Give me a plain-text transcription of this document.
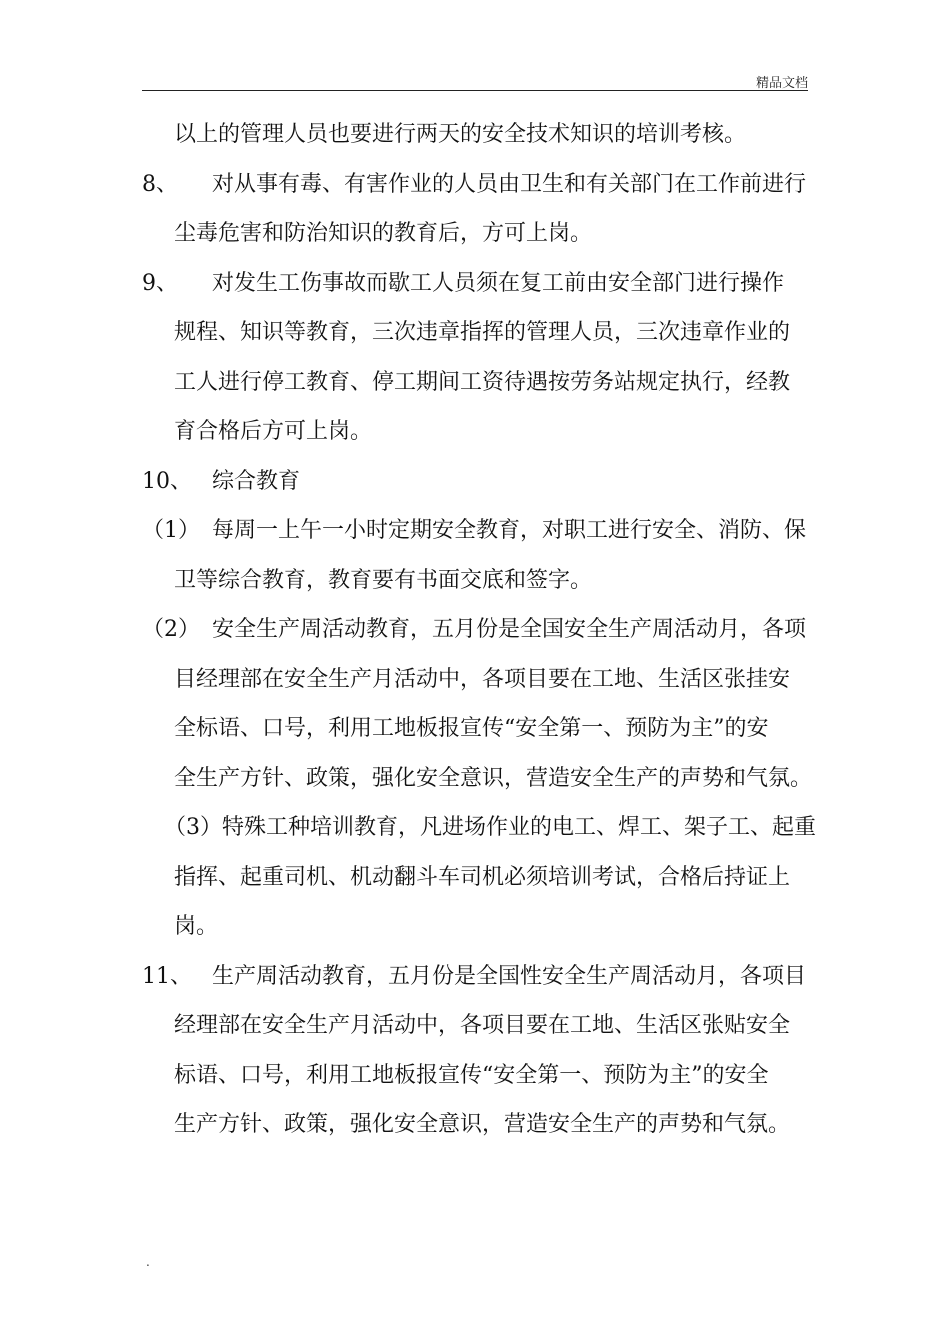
精品文档
以上的管理人员也要进行两天的安全技术知识的培训考核。
8、 对从事有毒、有害作业的人员由卫生和有关部门在工作前进行
尘毒危害和防治知识的教育后，方可上岗。
9、 对发生工伤事故而歇工人员须在复工前由安全部门进行操作
规程、知识等教育，三次违章指挥的管理人员，三次违章作业的
工人进行停工教育、停工期间工资待遇按劳务站规定执行，经教
育合格后方可上岗。
10、 综合教育
（1） 每周一上午一小时定期安全教育，对职工进行安全、消防、保
卫等综合教育，教育要有书面交底和签字。
（2） 安全生产周活动教育，五月份是全国安全生产周活动月，各项
目经理部在安全生产月活动中，各项目要在工地、生活区张挂安
全标语、口号，利用工地板报宣传“安全第一、预防为主”的安
全生产方针、政策，强化安全意识，营造安全生产的声势和气氛。
（3）特殊工种培训教育，凡进场作业的电工、焊工、架子工、起重
指挥、起重司机、机动翻斗车司机必须培训考试，合格后持证上
岗。
11、 生产周活动教育，五月份是全国性安全生产周活动月，各项目
经理部在安全生产月活动中，各项目要在工地、生活区张贴安全
标语、口号，利用工地板报宣传“安全第一、预防为主”的安全
生产方针、政策，强化安全意识，营造安全生产的声势和气氛。
.
